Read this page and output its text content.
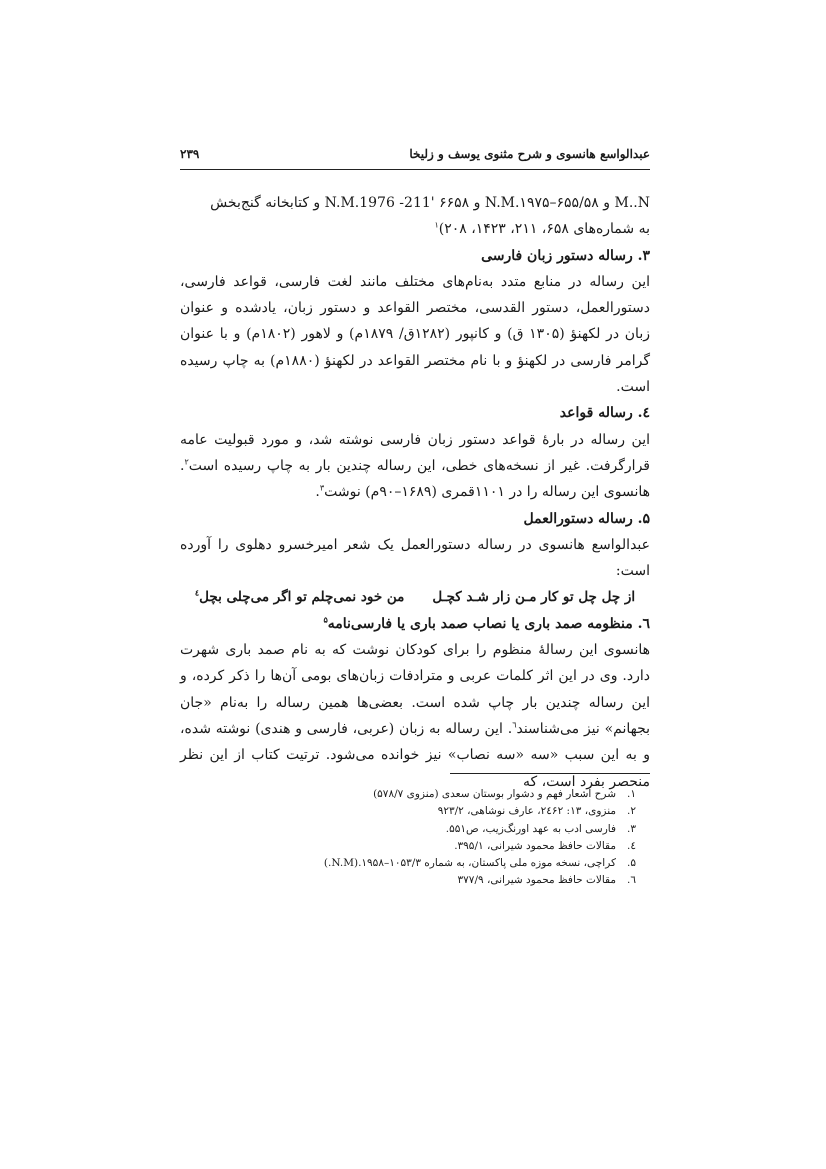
عبدالواسع هانسوی و شرح مثنوی یوسف و زلیخا
۲۳۹

M..N و N.M.۱۹۷۵–۶۵۵/۵۸ و ۶۶۵۸ '211- N.M.1976 و کتابخانه گنج‌بخش

به شماره‌های ۶۵۸، ۲۱۱، ۱۴۲۳، ۲۰۸)$^۱$

۳. رساله دستور زبان فارسی

این رساله در منابع متدد به‌نام‌های مختلف مانند لغت فارسی، قواعد فارسی، دستورالعمل، دستور القدسی، مختصر القواعد و دستور زبان، یادشده و عنوان زبان در لکهنؤ (۱۳۰۵ ق) و کانپور (۱۲۸۲ق/ ۱۸۷۹م) و لاهور (۱۸۰۲م) و با عنوان گرامر فارسی در لکهنؤ و با نام مختصر القواعد در لکهنؤ (۱۸۸۰م) به چاپ رسیده است.

٤. رساله قواعد

این رساله در بارهٔ قواعد دستور زبان فارسی نوشته شد، و مورد قبولیت عامه قرارگرفت. غیر از نسخه‌های خطی، این رساله چندین بار به چاپ رسیده است$^۲$. هانسوی این رساله را در ۱۱۰۱قمری (۱۶۸۹–۹۰م) نوشت$^۳$.

۵. رساله دستورالعمل

عبدالواسع هانسوی در رساله دستورالعمل یک شعر امیرخسرو دهلوی را آورده است:

از چل چل تو کار مـن زار شـد کچـلمن خود نمی‌چلم تو اگر می‌چلی بچل$^٤$

٦. منظومه صمد باری یا نصاب صمد باری یا فارسی‌نامه$^۵$

هانسوی این رسالهٔ منظوم را برای کودکان نوشت که به نام صمد باری شهرت دارد. وی در این اثر کلمات عربی و مترادفات زبان‌های بومی آن‌ها را ذکر کرده، و این رساله چندین بار چاپ شده است. بعضی‌ها همین رساله را به‌نام «جان بجهانم» نیز می‌شناسند$^٦$. این رساله به زبان (عربی، فارسی و هندی) نوشته شده، و به این سبب «سه «سه نصاب» نیز خوانده می‌شود. ترتیت کتاب از این نظر منحصر بفرد است، که

۱.شرح اشعار فهم و دشوار بوستان سعدی (منزوی ۵۷۸/۷)

۲.منزوی، ۱۳: ۲٤۶۲، عارف نوشاهی، ۹۲۳/۲

۳.فارسی ادب به عهد اورنگ‌زیب، ص۵۵۱.

٤.مقالات حافظ محمود شیرانی، ۳۹۵/۱.

۵.کراچی، نسخه موزه ملی پاکستان، به شماره ۱۰۵۳/۳–۱۹۵۸.(N.M.)

٦.مقالات حافظ محمود شیرانی، ۳۷۷/۹
